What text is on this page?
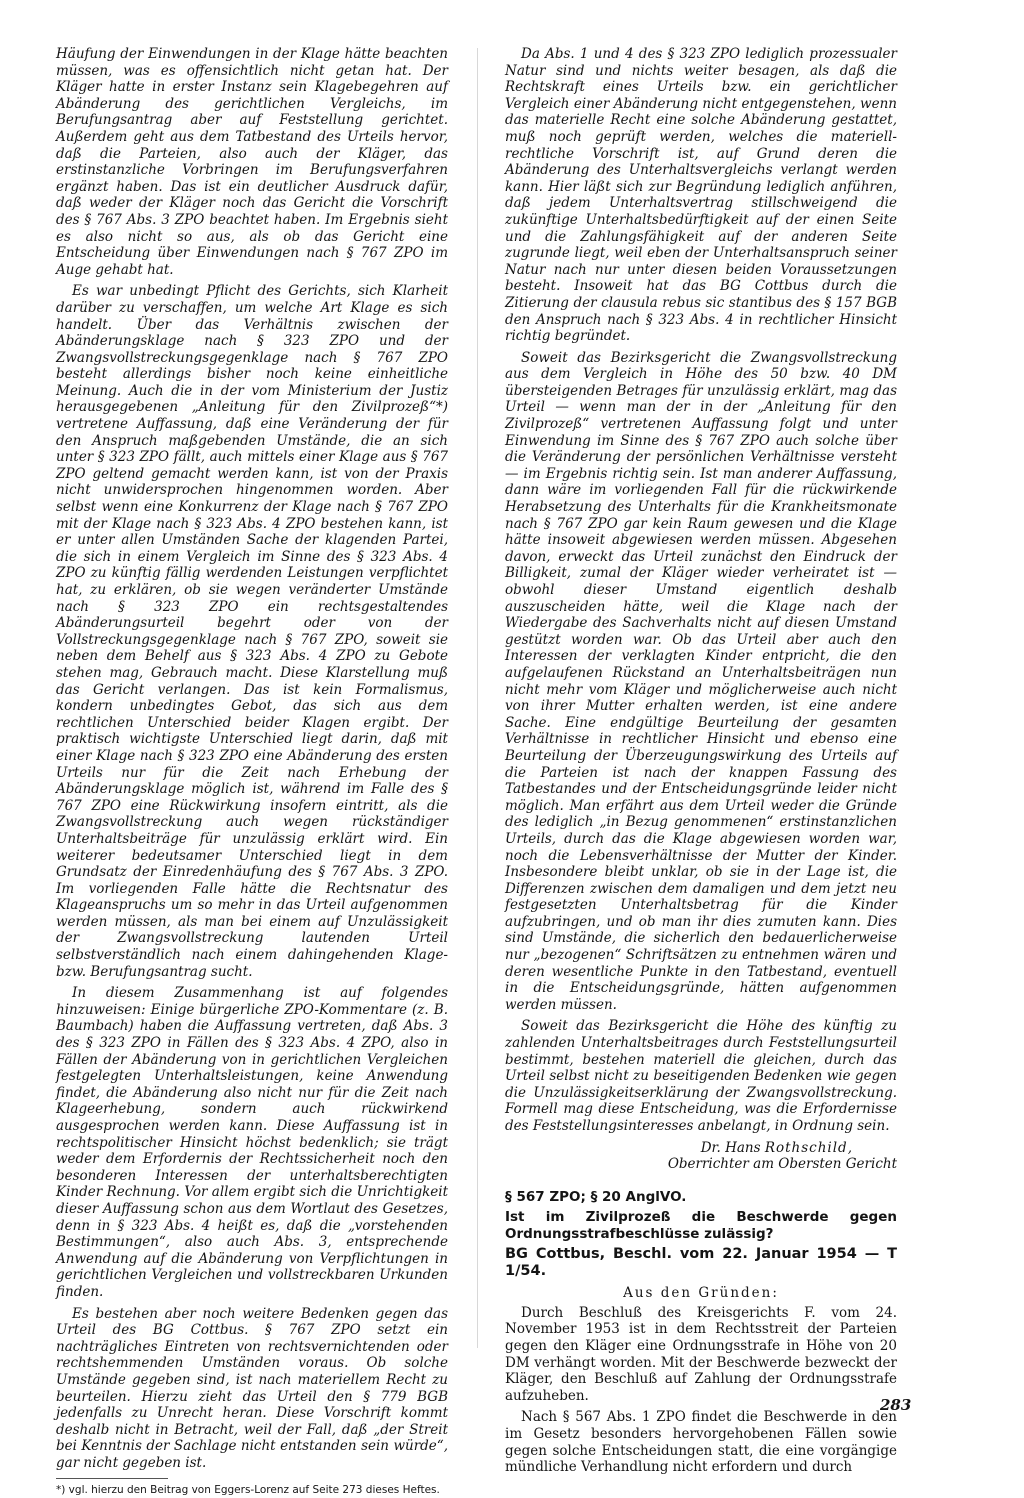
Häufung der Einwendungen in der Klage hätte beachten müssen, was es offensichtlich nicht getan hat. Der Kläger hatte in erster Instanz sein Klagebegehren auf Abänderung des gerichtlichen Vergleichs, im Berufungsantrag aber auf Feststellung gerichtet. Außerdem geht aus dem Tatbestand des Urteils hervor, daß die Parteien, also auch der Kläger, das erstinstanzliche Vorbringen im Berufungsverfahren ergänzt haben. Das ist ein deutlicher Ausdruck dafür, daß weder der Kläger noch das Gericht die Vorschrift des § 767 Abs. 3 ZPO beachtet haben. Im Ergebnis sieht es also nicht so aus, als ob das Gericht eine Entscheidung über Einwendungen nach § 767 ZPO im Auge gehabt hat.

Es war unbedingt Pflicht des Gerichts, sich Klarheit darüber zu verschaffen, um welche Art Klage es sich handelt. Über das Verhältnis zwischen der Abänderungsklage nach § 323 ZPO und der Zwangsvollstreckungsgegenklage nach § 767 ZPO besteht allerdings bisher noch keine einheitliche Meinung. Auch die in der vom Ministerium der Justiz herausgegebenen „Anleitung für den Zivilprozeß“*) vertretene Auffassung, daß eine Veränderung der für den Anspruch maßgebenden Umstände, die an sich unter § 323 ZPO fällt, auch mittels einer Klage aus § 767 ZPO geltend gemacht werden kann, ist von der Praxis nicht unwidersprochen hingenommen worden. Aber selbst wenn eine Konkurrenz der Klage nach § 767 ZPO mit der Klage nach § 323 Abs. 4 ZPO bestehen kann, ist er unter allen Umständen Sache der klagenden Partei, die sich in einem Vergleich im Sinne des § 323 Abs. 4 ZPO zu künftig fällig werdenden Leistungen verpflichtet hat, zu erklären, ob sie wegen veränderter Umstände nach § 323 ZPO ein rechtsgestaltendes Abänderungsurteil begehrt oder von der Vollstreckungsgegenklage nach § 767 ZPO, soweit sie neben dem Behelf aus § 323 Abs. 4 ZPO zu Gebote stehen mag, Gebrauch macht. Diese Klarstellung muß das Gericht verlangen. Das ist kein Formalismus, kondern unbedingtes Gebot, das sich aus dem rechtlichen Unterschied beider Klagen ergibt. Der praktisch wichtigste Unterschied liegt darin, daß mit einer Klage nach § 323 ZPO eine Abänderung des ersten Urteils nur für die Zeit nach Erhebung der Abänderungsklage möglich ist, während im Falle des § 767 ZPO eine Rückwirkung insofern eintritt, als die Zwangsvollstreckung auch wegen rückständiger Unterhaltsbeiträge für unzulässig erklärt wird. Ein weiterer bedeutsamer Unterschied liegt in dem Grundsatz der Einredenhäufung des § 767 Abs. 3 ZPO. Im vorliegenden Falle hätte die Rechtsnatur des Klageanspruchs um so mehr in das Urteil aufgenommen werden müssen, als man bei einem auf Unzulässigkeit der Zwangsvollstreckung lautenden Urteil selbstverständlich nach einem dahingehenden Klage- bzw. Berufungsantrag sucht.

In diesem Zusammenhang ist auf folgendes hinzuweisen: Einige bürgerliche ZPO-Kommentare (z. B. Baumbach) haben die Auffassung vertreten, daß Abs. 3 des § 323 ZPO in Fällen des § 323 Abs. 4 ZPO, also in Fällen der Abänderung von in gerichtlichen Vergleichen festgelegten Unterhaltsleistungen, keine Anwendung findet, die Abänderung also nicht nur für die Zeit nach Klageerhebung, sondern auch rückwirkend ausgesprochen werden kann. Diese Auffassung ist in rechtspolitischer Hinsicht höchst bedenklich; sie trägt weder dem Erfordernis der Rechtssicherheit noch den besonderen Interessen der unterhaltsberechtigten Kinder Rechnung. Vor allem ergibt sich die Unrichtigkeit dieser Auffassung schon aus dem Wortlaut des Gesetzes, denn in § 323 Abs. 4 heißt es, daß die „vorstehenden Bestimmungen“, also auch Abs. 3, entsprechende Anwendung auf die Abänderung von Verpflichtungen in gerichtlichen Vergleichen und vollstreckbaren Urkunden finden.

Es bestehen aber noch weitere Bedenken gegen das Urteil des BG Cottbus. § 767 ZPO setzt ein nachträgliches Eintreten von rechtsvernichtenden oder rechtshemmenden Umständen voraus. Ob solche Umstände gegeben sind, ist nach materiellem Recht zu beurteilen. Hierzu zieht das Urteil den § 779 BGB jedenfalls zu Unrecht heran. Diese Vorschrift kommt deshalb nicht in Betracht, weil der Fall, daß „der Streit bei Kenntnis der Sachlage nicht entstanden sein würde“, gar nicht gegeben ist.

*) vgl. hierzu den Beitrag von Eggers-Lorenz auf Seite 273 dieses Heftes.

Da Abs. 1 und 4 des § 323 ZPO lediglich prozessualer Natur sind und nichts weiter besagen, als daß die Rechtskraft eines Urteils bzw. ein gerichtlicher Vergleich einer Abänderung nicht entgegenstehen, wenn das materielle Recht eine solche Abänderung gestattet, muß noch geprüft werden, welches die materiell-rechtliche Vorschrift ist, auf Grund deren die Abänderung des Unterhaltsvergleichs verlangt werden kann. Hier läßt sich zur Begründung lediglich anführen, daß jedem Unterhaltsvertrag stillschweigend die zukünftige Unterhaltsbedürftigkeit auf der einen Seite und die Zahlungsfähigkeit auf der anderen Seite zugrunde liegt, weil eben der Unterhaltsanspruch seiner Natur nach nur unter diesen beiden Voraussetzungen besteht. Insoweit hat das BG Cottbus durch die Zitierung der clausula rebus sic stantibus des § 157 BGB den Anspruch nach § 323 Abs. 4 in rechtlicher Hinsicht richtig begründet.

Soweit das Bezirksgericht die Zwangsvollstreckung aus dem Vergleich in Höhe des 50 bzw. 40 DM übersteigenden Betrages für unzulässig erklärt, mag das Urteil — wenn man der in der „Anleitung für den Zivilprozeß“ vertretenen Auffassung folgt und unter Einwendung im Sinne des § 767 ZPO auch solche über die Veränderung der persönlichen Verhältnisse versteht — im Ergebnis richtig sein. Ist man anderer Auffassung, dann wäre im vorliegenden Fall für die rückwirkende Herabsetzung des Unterhalts für die Krankheitsmonate nach § 767 ZPO gar kein Raum gewesen und die Klage hätte insoweit abgewiesen werden müssen. Abgesehen davon, erweckt das Urteil zunächst den Eindruck der Billigkeit, zumal der Kläger wieder verheiratet ist — obwohl dieser Umstand eigentlich deshalb auszuscheiden hätte, weil die Klage nach der Wiedergabe des Sachverhalts nicht auf diesen Umstand gestützt worden war. Ob das Urteil aber auch den Interessen der verklagten Kinder entpricht, die den aufgelaufenen Rückstand an Unterhaltsbeiträgen nun nicht mehr vom Kläger und möglicherweise auch nicht von ihrer Mutter erhalten werden, ist eine andere Sache. Eine endgültige Beurteilung der gesamten Verhältnisse in rechtlicher Hinsicht und ebenso eine Beurteilung der Überzeugungswirkung des Urteils auf die Parteien ist nach der knappen Fassung des Tatbestandes und der Entscheidungsgründe leider nicht möglich. Man erfährt aus dem Urteil weder die Gründe des lediglich „in Bezug genommenen“ erstinstanzlichen Urteils, durch das die Klage abgewiesen worden war, noch die Lebensverhältnisse der Mutter der Kinder. Insbesondere bleibt unklar, ob sie in der Lage ist, die Differenzen zwischen dem damaligen und dem jetzt neu festgesetzten Unterhaltsbetrag für die Kinder aufzubringen, und ob man ihr dies zumuten kann. Dies sind Umstände, die sicherlich den bedauerlicherweise nur „bezogenen“ Schriftsätzen zu entnehmen wären und deren wesentliche Punkte in den Tatbestand, eventuell in die Entscheidungsgründe, hätten aufgenommen werden müssen.

Soweit das Bezirksgericht die Höhe des künftig zu zahlenden Unterhaltsbeitrages durch Feststellungsurteil bestimmt, bestehen materiell die gleichen, durch das Urteil selbst nicht zu beseitigenden Bedenken wie gegen die Unzulässigkeitserklärung der Zwangsvollstreckung. Formell mag diese Entscheidung, was die Erfordernisse des Feststellungsinteresses anbelangt, in Ordnung sein.

Dr. Hans Rothschild,

Oberrichter am Obersten Gericht

§ 567 ZPO; § 20 AnglVO.

Ist im Zivilprozeß die Beschwerde gegen Ordnungsstrafbeschlüsse zulässig?

BG Cottbus, Beschl. vom 22. Januar 1954 — T 1/54.

Aus den Gründen:

Durch Beschluß des Kreisgerichts F. vom 24. November 1953 ist in dem Rechtsstreit der Parteien gegen den Kläger eine Ordnungsstrafe in Höhe von 20 DM verhängt worden. Mit der Beschwerde bezweckt der Kläger, den Beschluß auf Zahlung der Ordnungsstrafe aufzuheben.

Nach § 567 Abs. 1 ZPO findet die Beschwerde in den im Gesetz besonders hervorgehobenen Fällen sowie gegen solche Entscheidungen statt, die eine vorgängige mündliche Verhandlung nicht erfordern und durch

283
